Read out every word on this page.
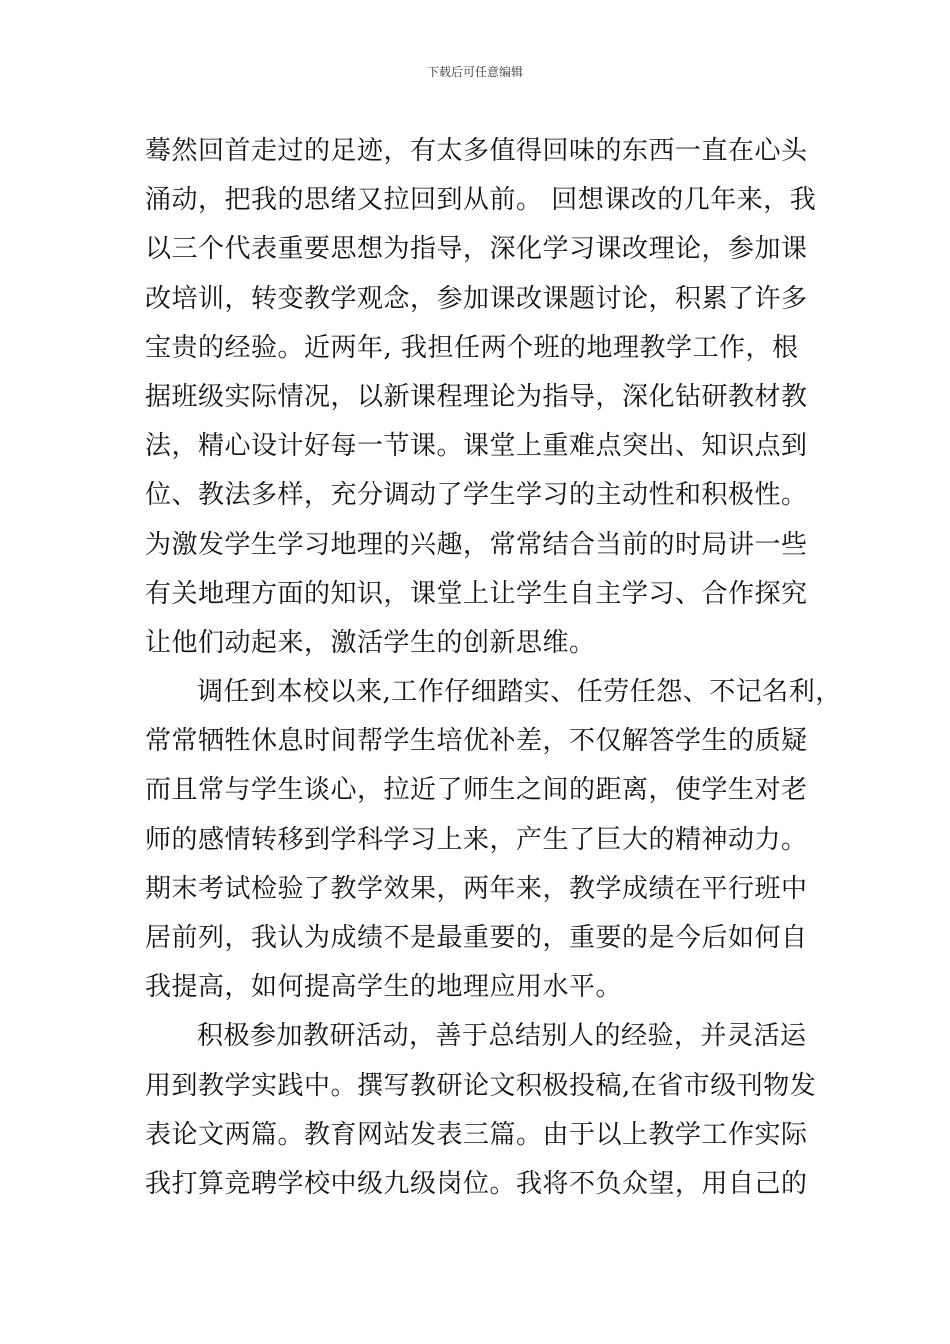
下载后可任意编辑
蓦然回首走过的足迹，有太多值得回味的东西一直在心头
涌动，把我的思绪又拉回到从前。 回想课改的几年来，我
以三个代表重要思想为指导，深化学习课改理论，参加课
改培训，转变教学观念，参加课改课题讨论，积累了许多
宝贵的经验。近两年, 我担任两个班的地理教学工作，根
据班级实际情况，以新课程理论为指导，深化钻研教材教
法，精心设计好每一节课。课堂上重难点突出、知识点到
位、教法多样，充分调动了学生学习的主动性和积极性。
为激发学生学习地理的兴趣，常常结合当前的时局讲一些
有关地理方面的知识，课堂上让学生自主学习、合作探究
让他们动起来，激活学生的创新思维。
调任到本校以来,工作仔细踏实、任劳任怨、不记名利，
常常牺牲休息时间帮学生培优补差，不仅解答学生的质疑
而且常与学生谈心，拉近了师生之间的距离，使学生对老
师的感情转移到学科学习上来，产生了巨大的精神动力。
期末考试检验了教学效果，两年来，教学成绩在平行班中
居前列，我认为成绩不是最重要的，重要的是今后如何自
我提高，如何提高学生的地理应用水平。
积极参加教研活动，善于总结别人的经验，并灵活运
用到教学实践中。撰写教研论文积极投稿,在省市级刊物发
表论文两篇。教育网站发表三篇。由于以上教学工作实际
我打算竞聘学校中级九级岗位。我将不负众望，用自己的
